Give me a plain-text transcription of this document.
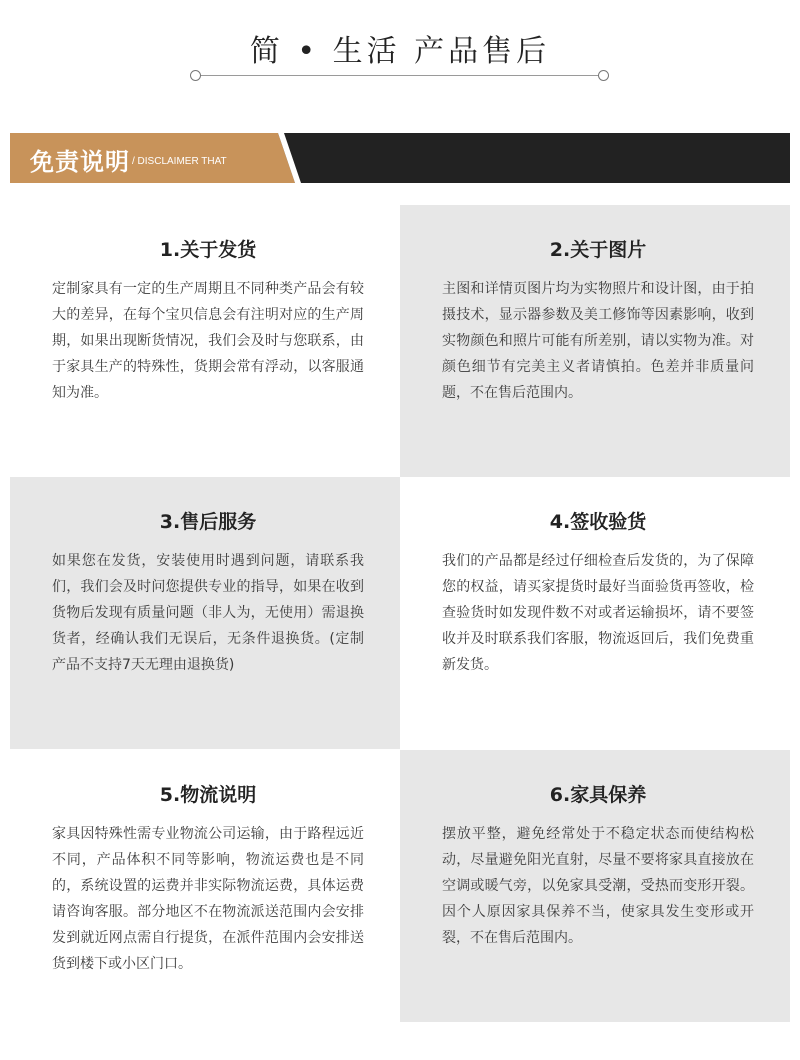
简 • 生活 产品售后
免责说明 / DISCLAIMER THAT
1.关于发货

定制家具有一定的生产周期且不同种类产品会有较大的差异，在每个宝贝信息会有注明对应的生产周期，如果出现断货情况，我们会及时与您联系，由于家具生产的特殊性，货期会常有浮动，以客服通知为准。

2.关于图片

主图和详情页图片均为实物照片和设计图，由于拍摄技术，显示器参数及美工修饰等因素影响，收到实物颜色和照片可能有所差别，请以实物为准。对颜色细节有完美主义者请慎拍。色差并非质量问题，不在售后范围内。

3.售后服务

如果您在发货，安装使用时遇到问题，请联系我们，我们会及时问您提供专业的指导，如果在收到货物后发现有质量问题（非人为，无使用）需退换货者，经确认我们无误后，无条件退换货。(定制产品不支持7天无理由退换货)

4.签收验货

我们的产品都是经过仔细检查后发货的，为了保障您的权益，请买家提货时最好当面验货再签收，检查验货时如发现件数不对或者运输损坏，请不要签收并及时联系我们客服，物流返回后，我们免费重新发货。

5.物流说明

家具因特殊性需专业物流公司运输，由于路程远近不同，产品体积不同等影响，物流运费也是不同的，系统设置的运费并非实际物流运费，具体运费请咨询客服。部分地区不在物流派送范围内会安排发到就近网点需自行提货，在派件范围内会安排送货到楼下或小区门口。

6.家具保养

摆放平整，避免经常处于不稳定状态而使结构松动，尽量避免阳光直射，尽量不要将家具直接放在空调或暖气旁，以免家具受潮，受热而变形开裂。因个人原因家具保养不当，使家具发生变形或开裂，不在售后范围内。
